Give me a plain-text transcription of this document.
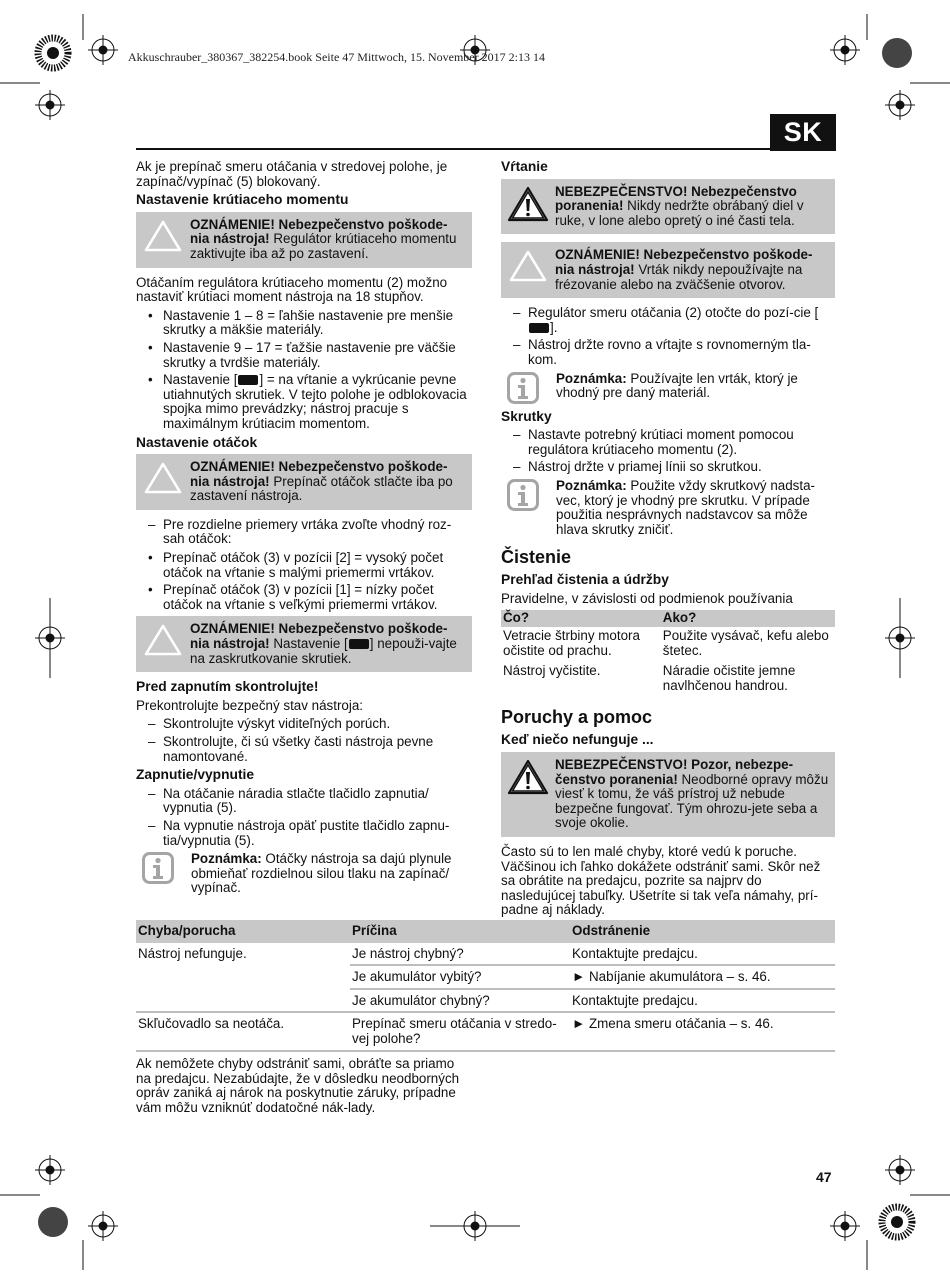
Akkuschrauber_380367_382254.book Seite 47 Mittwoch, 15. November 2017 2:13 14
SK

Ak je prepínač smeru otáčania v stredovej polohe, je zapínač/vypínač (5) blokovaný.

Nastavenie krútiaceho momentu
OZNÁMENIE! Nebezpečenstvo poškode-nia nástroja! Regulátor krútiaceho momentu zaktivujte iba až po zastavení.

Otáčaním regulátora krútiaceho momentu (2) možno nastaviť krútiaci moment nástroja na 18 stupňov.

• Nastavenie 1 – 8 = ľahšie nastavenie pre menšie skrutky a mäkšie materiály.
• Nastavenie 9 – 17 = ťažšie nastavenie pre väčšie skrutky a tvrdšie materiály.
• Nastavenie [ ] = na vŕtanie a vykrúcanie pevne utiahnutých skrutiek. V tejto polohe je odblokovacia spojka mimo prevádzky; nástroj pracuje s maximálnym krútiacim momentom.
Nastavenie otáčok
OZNÁMENIE! Nebezpečenstvo poškode-nia nástroja! Prepínač otáčok stlačte iba po zastavení nástroja.
– Pre rozdielne priemery vrtáka zvoľte vhodný roz-sah otáčok:
• Prepínač otáčok (3) v pozícii [2] = vysoký počet otáčok na vŕtanie s malými priemermi vrtákov.
• Prepínač otáčok (3) v pozícii [1] = nízky počet otáčok na vŕtanie s veľkými priemermi vrtákov.
OZNÁMENIE! Nebezpečenstvo poškode-nia nástroja! Nastavenie [ ] nepouži-vajte na zaskrutkovanie skrutiek.
Pred zapnutím skontrolujte!

Prekontrolujte bezpečný stav nástroja:

– Skontrolujte výskyt viditeľných porúch.
– Skontrolujte, či sú všetky časti nástroja pevne namontované.
Zapnutie/vypnutie
– Na otáčanie náradia stlačte tlačidlo zapnutia/ vypnutia (5).
– Na vypnutie nástroja opäť pustite tlačidlo zapnu-tia/vypnutia (5).
Poznámka: Otáčky nástroja sa dajú plynule obmieňať rozdielnou silou tlaku na zapínač/ vypínač.
Vŕtanie
NEBEZPEČENSTVO! Nebezpečenstvo poranenia! Nikdy nedržte obrábaný diel v ruke, v lone alebo opretý o iné časti tela.
OZNÁMENIE! Nebezpečenstvo poškode-nia nástroja! Vrták nikdy nepoužívajte na frézovanie alebo na zväčšenie otvorov.
– Regulátor smeru otáčania (2) otočte do pozí-cie [].
– Nástroj držte rovno a vŕtajte s rovnomerným tla-kom.
Poznámka: Používajte len vrták, ktorý je vhodný pre daný materiál.
Skrutky
– Nastavte potrebný krútiaci moment pomocou regulátora krútiaceho momentu (2).
– Nástroj držte v priamej línii so skrutkou.
Poznámka: Použite vždy skrutkový nadsta-vec, ktorý je vhodný pre skrutku. V prípade použitia nesprávnych nadstavcov sa môže hlava skrutky zničiť.
Čistenie
Prehľad čistenia a údržby

Pravidelne, v závislosti od podmienok používania

Čo?	Ako?
Vetracie štrbiny motora očistite od prachu.	Použite vysávač, kefu alebo štetec.
Nástroj vyčistite.	Náradie očistite jemne navlhčenou handrou.
Poruchy a pomoc
Keď niečo nefunguje ...
NEBEZPEČENSTVO! Pozor, nebezpe-čenstvo poranenia! Neodborné opravy môžu viesť k tomu, že váš prístroj už nebude bezpečne fungovať. Tým ohrozu-jete seba a svoje okolie.

Často sú to len malé chyby, ktoré vedú k poruche. Väčšinou ich ľahko dokážete odstrániť sami. Skôr než sa obrátite na predajcu, pozrite sa najprv do nasledujúcej tabuľky. Ušetríte si tak veľa námahy, prí-padne aj náklady.

Chyba/porucha	Príčina	Odstránenie
Nástroj nefunguje.	Je nástroj chybný?	Kontaktujte predajcu.
	Je akumulátor vybitý?	► Nabíjanie akumulátora – s. 46.
	Je akumulátor chybný?	Kontaktujte predajcu.
Skľučovadlo sa neotáča.	Prepínač smeru otáčania v stredo-vej polohe?	► Zmena smeru otáčania – s. 46.
Ak nemôžete chyby odstrániť sami, obráťte sa priamo na predajcu. Nezabúdajte, že v dôsledku neodborných opráv zaniká aj nárok na poskytnutie záruky, prípadne vám môžu vzniknúť dodatočné nák-lady.
47
